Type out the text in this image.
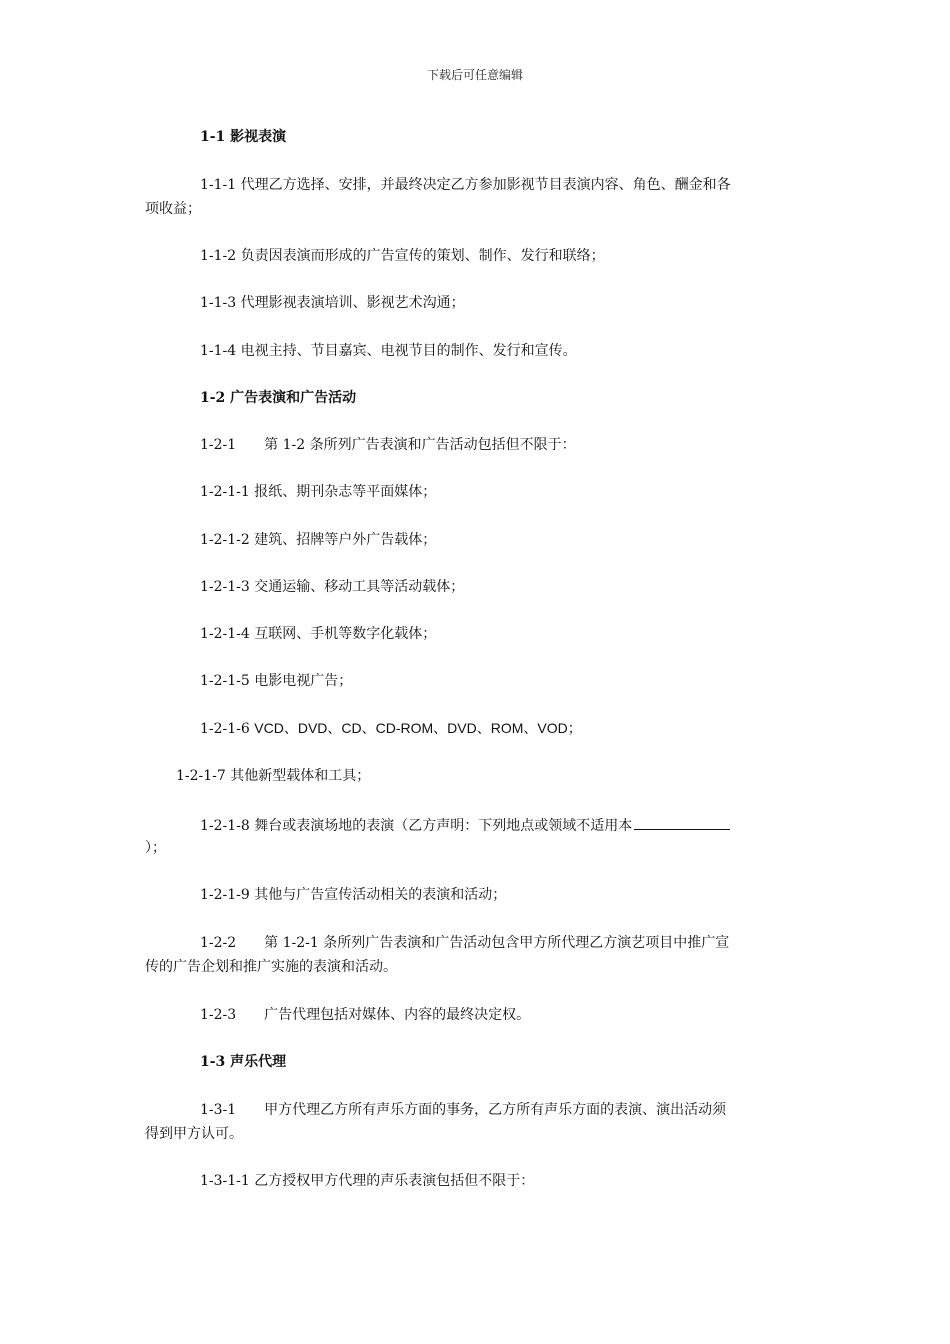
下载后可任意编辑
1-1 影视表演
1-1-1 代理乙方选择、安排，并最终决定乙方参加影视节目表演内容、角色、酬金和各
项收益；
1-1-2 负责因表演而形成的广告宣传的策划、制作、发行和联络；
1-1-3 代理影视表演培训、影视艺术沟通；
1-1-4 电视主持、节目嘉宾、电视节目的制作、发行和宣传。
1-2 广告表演和广告活动
1-2-1　　第 1-2 条所列广告表演和广告活动包括但不限于：
1-2-1-1 报纸、期刊杂志等平面媒体；
1-2-1-2 建筑、招牌等户外广告载体；
1-2-1-3 交通运输、移动工具等活动载体；
1-2-1-4 互联网、手机等数字化载体；
1-2-1-5 电影电视广告；
1-2-1-6 VCD、DVD、CD、CD-ROM、DVD、ROM、VOD；
1-2-1-7 其他新型载体和工具；
1-2-1-8 舞台或表演场地的表演（乙方声明：下列地点或领域不适用本
）；
1-2-1-9 其他与广告宣传活动相关的表演和活动；
1-2-2　　第 1-2-1 条所列广告表演和广告活动包含甲方所代理乙方演艺项目中推广宣
传的广告企划和推广实施的表演和活动。
1-2-3　　广告代理包括对媒体、内容的最终决定权。
1-3 声乐代理
1-3-1　　甲方代理乙方所有声乐方面的事务，乙方所有声乐方面的表演、演出活动须
得到甲方认可。
1-3-1-1 乙方授权甲方代理的声乐表演包括但不限于：
